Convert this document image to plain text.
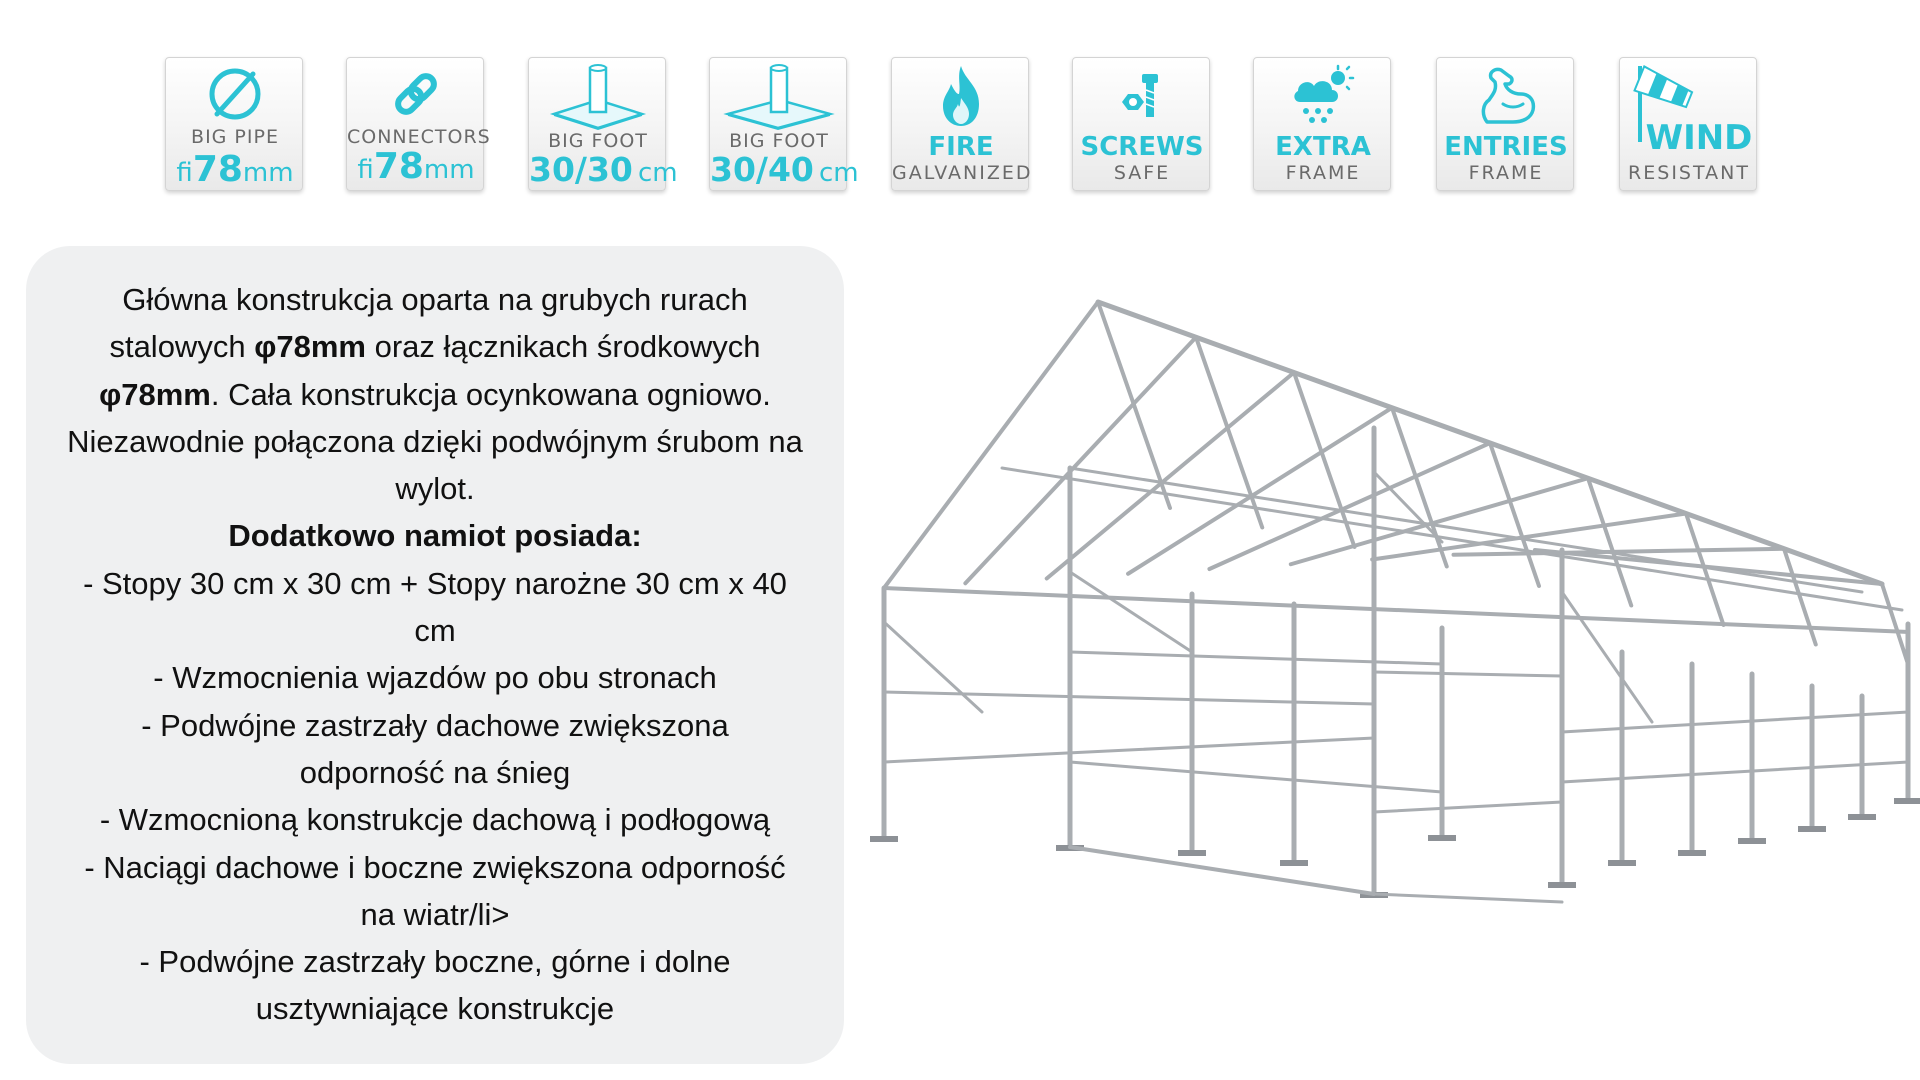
BIG PIPE
fi78mm
CONNECTORS
fi78mm
BIG FOOT
30/30 cm
BIG FOOT
30/40 cm
FIRE
GALVANIZED
SCREWS
SAFE
EXTRA
FRAME
ENTRIES
FRAME
WIND
RESISTANT

Główna konstrukcja oparta na grubych rurach stalowych φ78mm oraz łącznikach środkowych φ78mm. Cała konstrukcja ocynkowana ogniowo. Niezawodnie połączona dzięki podwójnym śrubom na wylot.

Dodatkowo namiot posiada:

- Stopy 30 cm x 30 cm + Stopy narożne 30 cm x 40 cm

- Wzmocnienia wjazdów po obu stronach

- Podwójne zastrzały dachowe zwiększona odporność na śnieg

- Wzmocnioną konstrukcje dachową i podłogową

- Naciągi dachowe i boczne zwiększona odporność na wiatr/li>

- Podwójne zastrzały boczne, górne i dolne usztywniające konstrukcje
